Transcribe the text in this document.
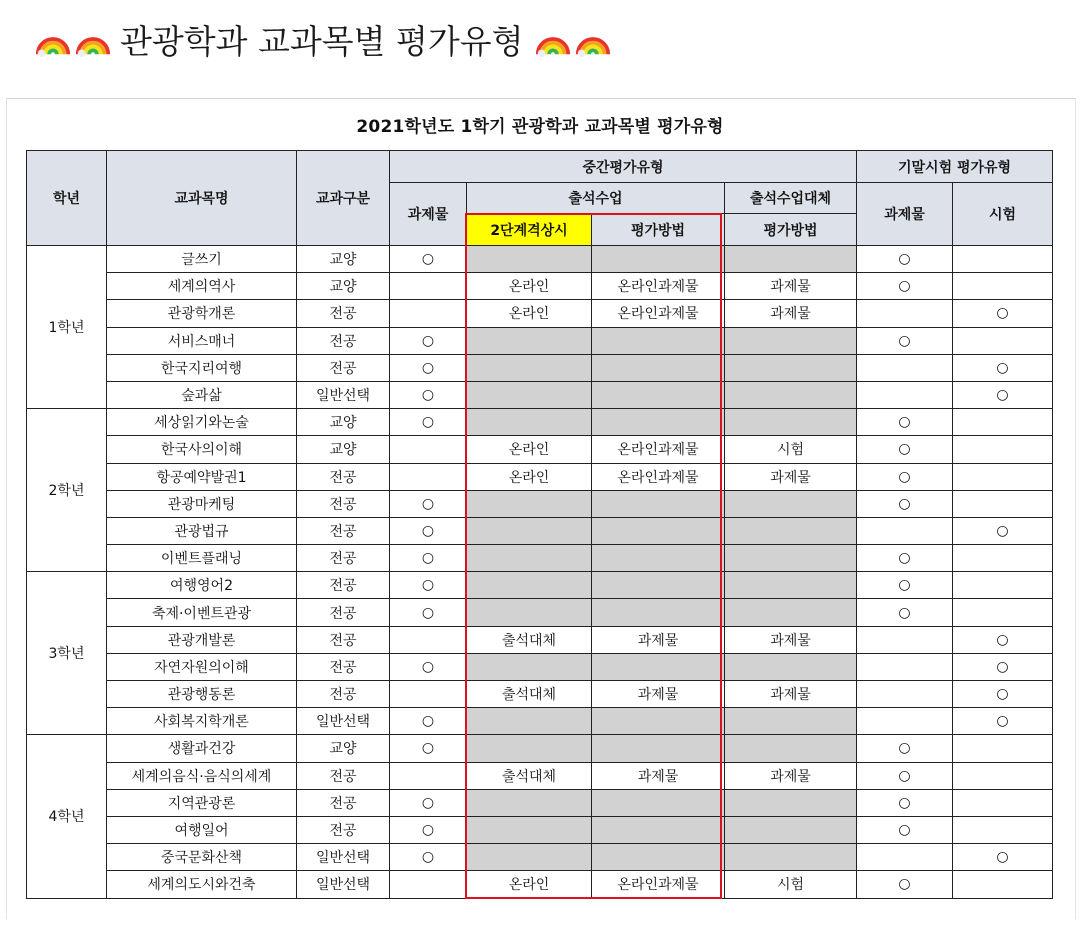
관광학과 교과목별 평가유형
2021학년도 1학기 관광학과 교과목별 평가유형
학년	교과목명	교과구분	중간평가유형				기말시험 평가유형	
			과제물	출석수업		출석수업대체	과제물	시험
				2단계격상시	평가방법	평가방법		
1학년	글쓰기	교양	○				○	
	세계의역사	교양		온라인	온라인과제물	과제물	○	
	관광학개론	전공		온라인	온라인과제물	과제물		○
	서비스매너	전공	○				○	
	한국지리여행	전공	○					○
	숲과삶	일반선택	○					○
2학년	세상읽기와논술	교양	○				○	
	한국사의이해	교양		온라인	온라인과제물	시험	○	
	항공예약발권1	전공		온라인	온라인과제물	과제물	○	
	관광마케팅	전공	○				○	
	관광법규	전공	○					○
	이벤트플래닝	전공	○				○	
3학년	여행영어2	전공	○				○	
	축제·이벤트관광	전공	○				○	
	관광개발론	전공		출석대체	과제물	과제물		○
	자연자원의이해	전공	○					○
	관광행동론	전공		출석대체	과제물	과제물		○
	사회복지학개론	일반선택	○					○
4학년	생활과건강	교양	○				○	
	세계의음식·음식의세계	전공		출석대체	과제물	과제물	○	
	지역관광론	전공	○				○	
	여행일어	전공	○				○	
	중국문화산책	일반선택	○					○
	세계의도시와건축	일반선택		온라인	온라인과제물	시험	○	
